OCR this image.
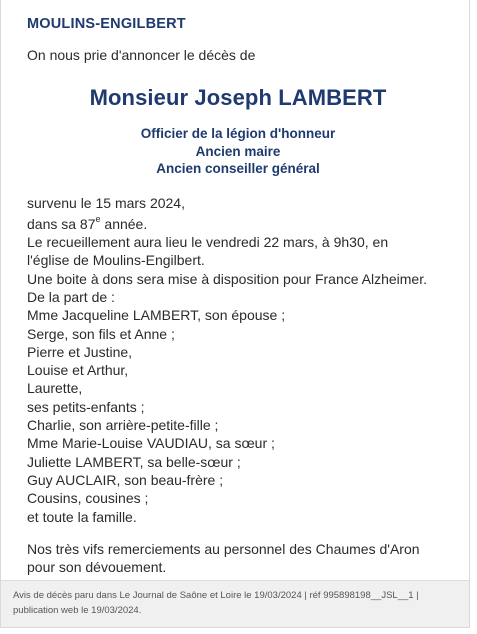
MOULINS-ENGILBERT
On nous prie d'annoncer le décès de
Monsieur Joseph LAMBERT
Officier de la légion d'honneur
Ancien maire
Ancien conseiller général
survenu le 15 mars 2024,
dans sa 87e année.
Le recueillement aura lieu le vendredi 22 mars, à 9h30, en
l'église de Moulins-Engilbert.
Une boite à dons sera mise à disposition pour France Alzheimer.
De la part de :
Mme Jacqueline LAMBERT, son épouse ;
Serge, son fils et Anne ;
Pierre et Justine,
Louise et Arthur,
Laurette,
ses petits-enfants ;
Charlie, son arrière-petite-fille ;
Mme Marie-Louise VAUDIAU, sa sœur ;
Juliette LAMBERT, sa belle-sœur ;
Guy AUCLAIR, son beau-frère ;
Cousins, cousines ;
et toute la famille.
Nos très vifs remerciements au personnel des Chaumes d'Aron
pour son dévouement.
Avis de décès paru dans Le Journal de Saône et Loire le 19/03/2024 | réf 995898198__JSL__1 |
publication web le 19/03/2024.
